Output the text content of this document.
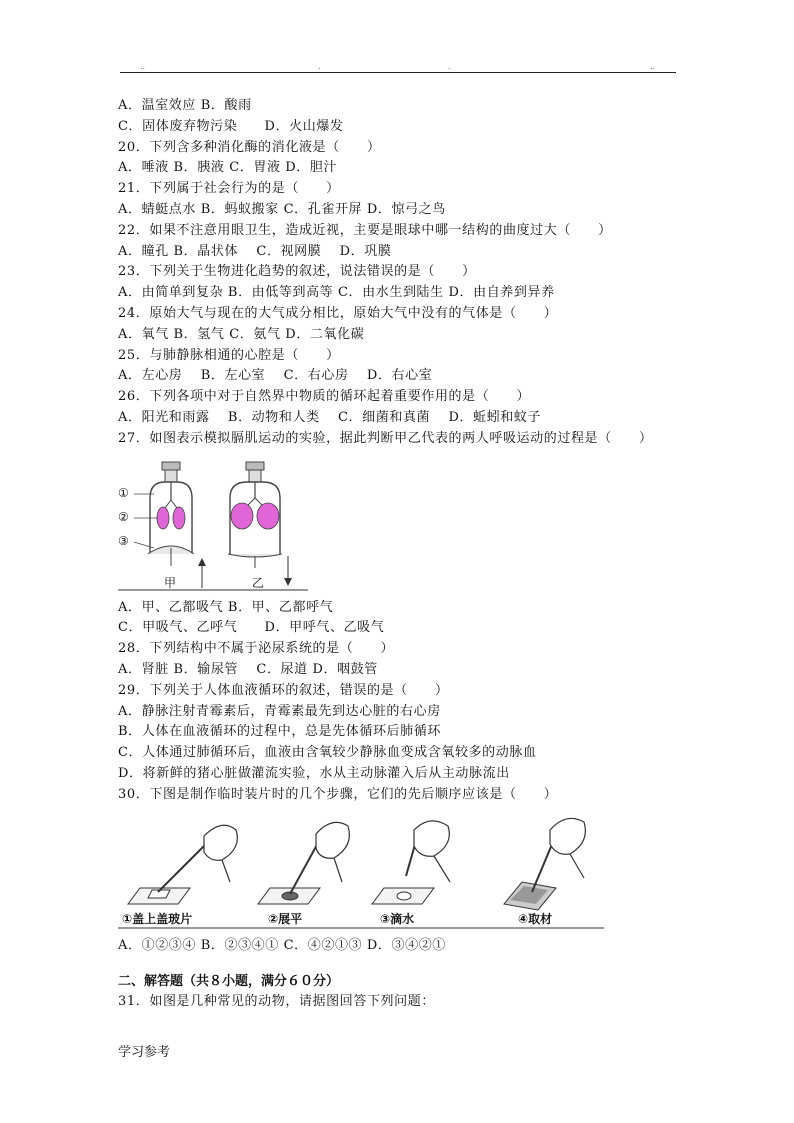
..	.	.	..
A．温室效应 B．酸雨
C．固体废弃物污染　　D．火山爆发
20．下列含多种消化酶的消化液是（　　）
A．唾液 B．胰液 C．胃液 D．胆汁
21．下列属于社会行为的是（　　）
A．蜻蜓点水 B．蚂蚁搬家 C．孔雀开屏 D．惊弓之鸟
22．如果不注意用眼卫生，造成近视，主要是眼球中哪一结构的曲度过大（　　）
A．瞳孔 B．晶状体　 C．视网膜　 D．巩膜
23．下列关于生物进化趋势的叙述，说法错误的是（　　）
A．由简单到复杂 B．由低等到高等 C．由水生到陆生 D．由自养到异养
24．原始大气与现在的大气成分相比，原始大气中没有的气体是（　　）
A．氧气 B．氢气 C．氨气 D．二氧化碳
25．与肺静脉相通的心腔是（　　）
A．左心房　 B．左心室　 C．右心房　 D．右心室
26．下列各项中对于自然界中物质的循环起着重要作用的是（　　）
A．阳光和雨露　 B．动物和人类　 C．细菌和真菌　 D．蚯蚓和蚊子
27．如图表示模拟膈肌运动的实验，据此判断甲乙代表的两人呼吸运动的过程是（　　）
①
②
③
甲	乙
A．甲、乙都吸气 B．甲、乙都呼气
C．甲吸气、乙呼气　　D．甲呼气、乙吸气
28．下列结构中不属于泌尿系统的是（　　）
A．肾脏 B．输尿管　 C．尿道 D．咽鼓管
29．下列关于人体血液循环的叙述，错误的是（　　）
A．静脉注射青霉素后，青霉素最先到达心脏的右心房
B．人体在血液循环的过程中，总是先体循环后肺循环
C．人体通过肺循环后，血液由含氧较少静脉血变成含氧较多的动脉血
D．将新鲜的猪心脏做灌流实验，水从主动脉灌入后从主动脉流出
30．下图是制作临时装片时的几个步骤，它们的先后顺序应该是（　　）
①盖上盖玻片	②展平	③滴水	④取材
A．①②③④ B．②③④① C．④②①③ D．③④②①
二、解答题（共８小题，满分６０分）
31．如图是几种常见的动物，请据图回答下列问题：
学习参考
